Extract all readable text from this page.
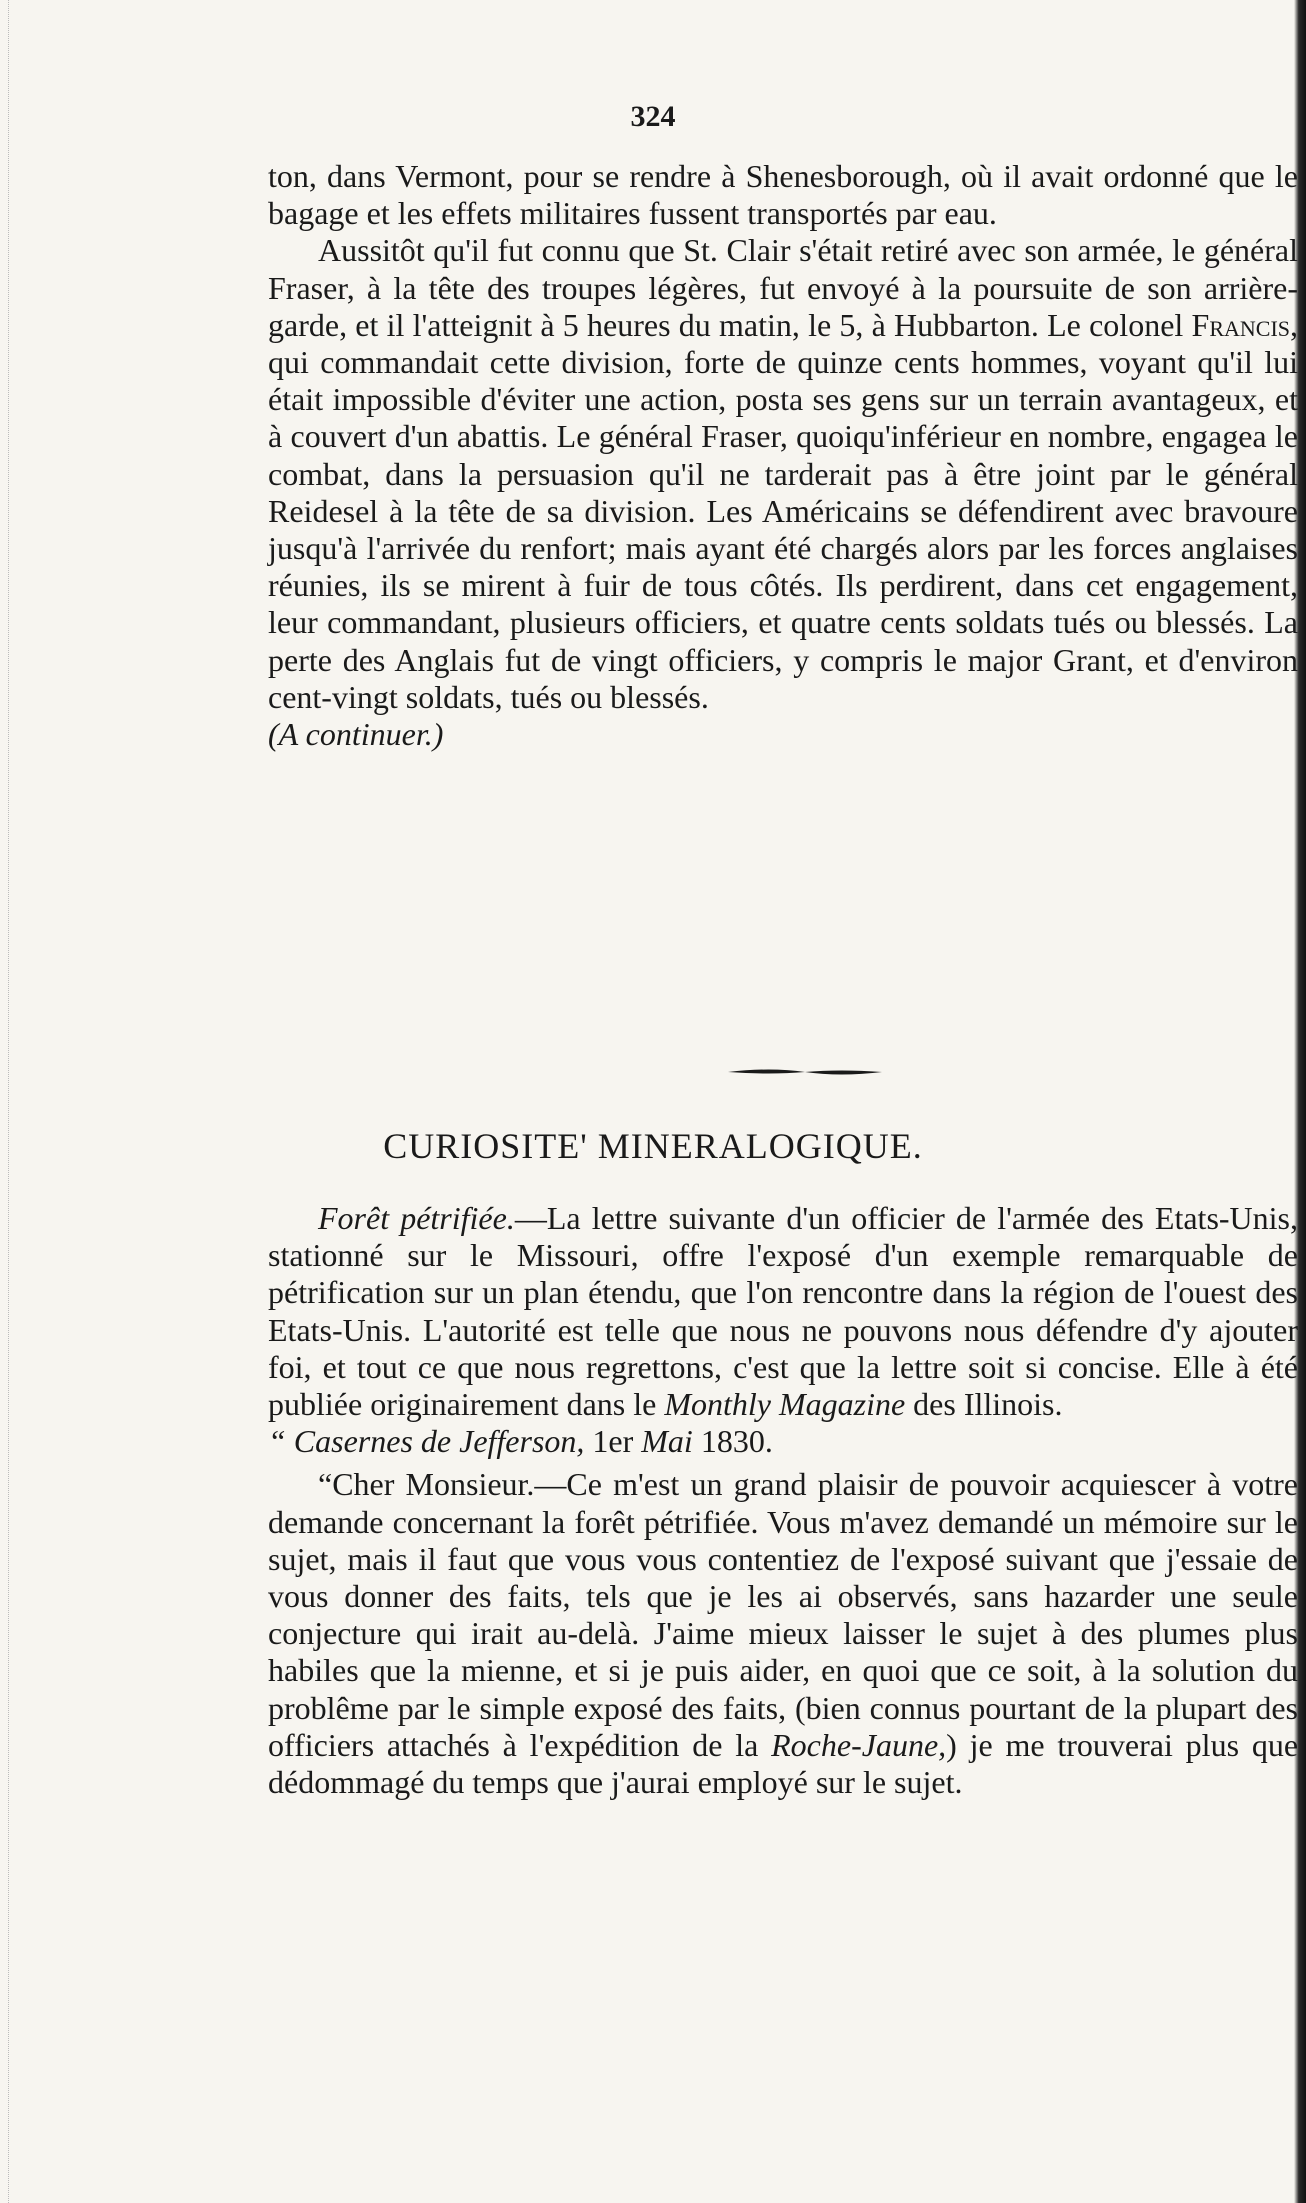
324

ton, dans Vermont, pour se rendre à Shenesborough, où il avait ordonné que le bagage et les effets militaires fussent transportés par eau.

Aussitôt qu'il fut connu que St. Clair s'était retiré avec son armée, le général Fraser, à la tête des troupes légères, fut envoyé à la poursuite de son arrière-garde, et il l'atteignit à 5 heures du matin, le 5, à Hubbarton. Le colonel Francis, qui commandait cette division, forte de quinze cents hommes, voyant qu'il lui était impossible d'éviter une action, posta ses gens sur un terrain avantageux, et à couvert d'un abattis. Le général Fraser, quoiqu'inférieur en nombre, engagea le combat, dans la persuasion qu'il ne tarderait pas à être joint par le général Reidesel à la tête de sa division. Les Américains se défendirent avec bravoure jusqu'à l'arrivée du renfort; mais ayant été chargés alors par les forces anglaises réunies, ils se mirent à fuir de tous côtés. Ils perdirent, dans cet engagement, leur commandant, plusieurs officiers, et quatre cents soldats tués ou blessés. La perte des Anglais fut de vingt officiers, y compris le major Grant, et d'environ cent-vingt soldats, tués ou blessés.

(A continuer.)

CURIOSITE' MINERALOGIQUE.

Forêt pétrifiée.—La lettre suivante d'un officier de l'armée des Etats-Unis, stationné sur le Missouri, offre l'exposé d'un exemple remarquable de pétrification sur un plan étendu, que l'on rencontre dans la région de l'ouest des Etats-Unis. L'autorité est telle que nous ne pouvons nous défendre d'y ajouter foi, et tout ce que nous regrettons, c'est que la lettre soit si concise. Elle à été publiée originairement dans le Monthly Magazine des Illinois.

“ Casernes de Jefferson, 1er Mai 1830.

“Cher Monsieur.—Ce m'est un grand plaisir de pouvoir acquiescer à votre demande concernant la forêt pétrifiée. Vous m'avez demandé un mémoire sur le sujet, mais il faut que vous vous contentiez de l'exposé suivant que j'essaie de vous donner des faits, tels que je les ai observés, sans hazarder une seule conjecture qui irait au-delà. J'aime mieux laisser le sujet à des plumes plus habiles que la mienne, et si je puis aider, en quoi que ce soit, à la solution du problême par le simple exposé des faits, (bien connus pourtant de la plupart des officiers attachés à l'expédition de la Roche-Jaune,) je me trouverai plus que dédommagé du temps que j'aurai employé sur le sujet.
